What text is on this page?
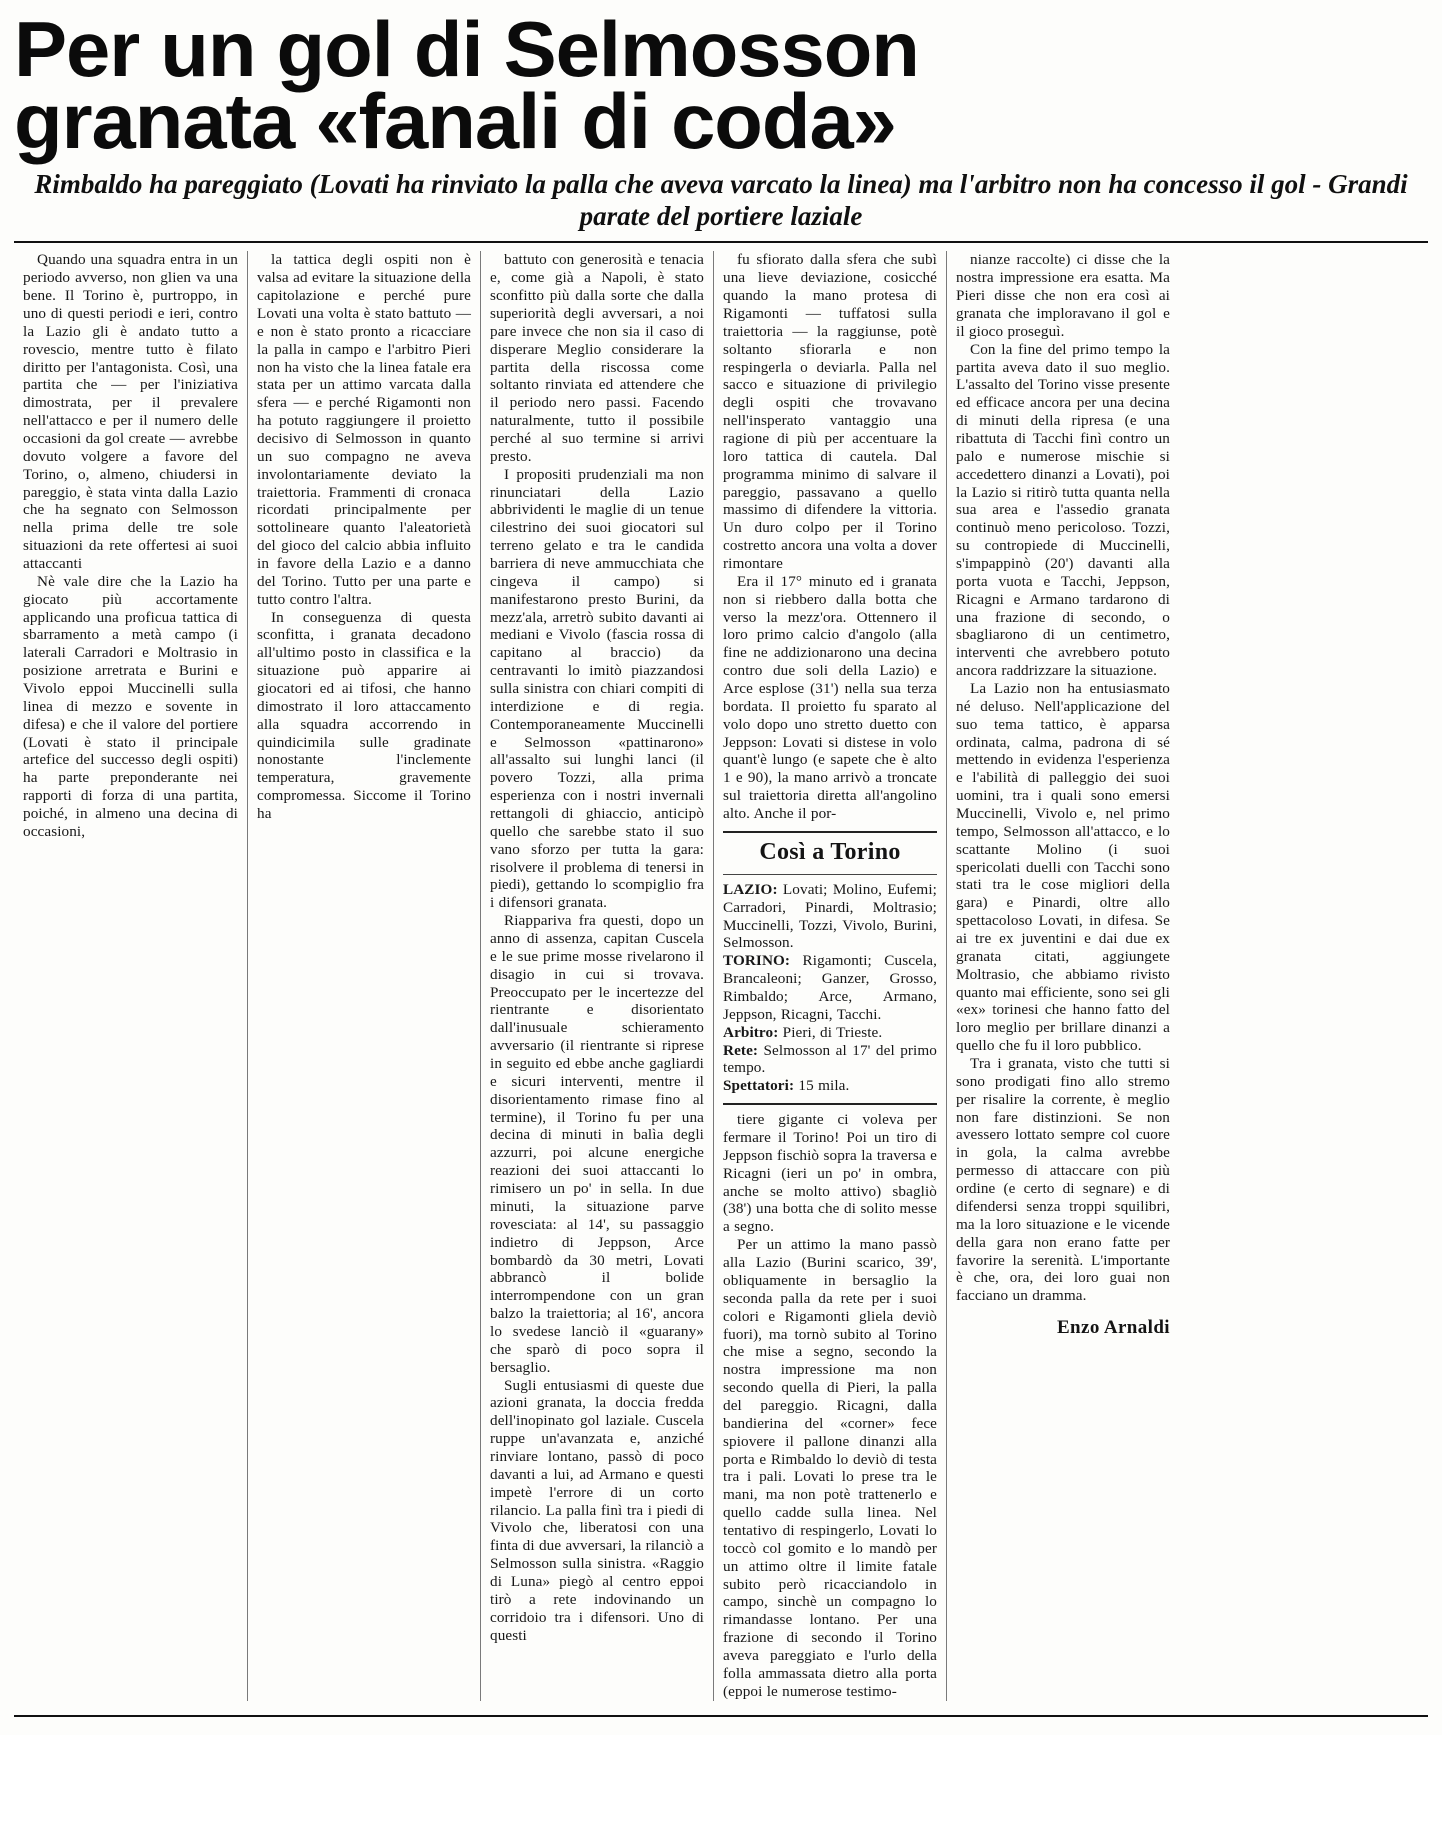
Per un gol di Selmosson
granata «fanali di coda»
Rimbaldo ha pareggiato (Lovati ha rinviato la palla che aveva varcato la linea) ma l'arbitro non ha concesso il gol - Grandi parate del portiere laziale

Quando una squadra entra in un periodo avverso, non glien va una bene. Il Torino è, purtroppo, in uno di questi periodi e ieri, contro la Lazio gli è andato tutto a rovescio, mentre tutto è filato diritto per l'antagonista. Così, una partita che — per l'iniziativa dimostrata, per il prevalere nell'attacco e per il numero delle occasioni da gol create — avrebbe dovuto volgere a favore del Torino, o, almeno, chiudersi in pareggio, è stata vinta dalla Lazio che ha segnato con Selmosson nella prima delle tre sole situazioni da rete offertesi ai suoi attaccanti

Nè vale dire che la Lazio ha giocato più accortamente applicando una proficua tattica di sbarramento a metà campo (i laterali Carradori e Moltrasio in posizione arretrata e Burini e Vivolo eppoi Muccinelli sulla linea di mezzo e sovente in difesa) e che il valore del portiere (Lovati è stato il principale artefice del successo degli ospiti) ha parte preponderante nei rapporti di forza di una partita, poiché, in almeno una decina di occasioni,

la tattica degli ospiti non è valsa ad evitare la situazione della capitolazione e perché pure Lovati una volta è stato battuto — e non è stato pronto a ricacciare la palla in campo e l'arbitro Pieri non ha visto che la linea fatale era stata per un attimo varcata dalla sfera — e perché Rigamonti non ha potuto raggiungere il proietto decisivo di Selmosson in quanto un suo compagno ne aveva involontariamente deviato la traiettoria. Frammenti di cronaca ricordati principalmente per sottolineare quanto l'aleatorietà del gioco del calcio abbia influito in favore della Lazio e a danno del Torino. Tutto per una parte e tutto contro l'altra.

In conseguenza di questa sconfitta, i granata decadono all'ultimo posto in classifica e la situazione può apparire ai giocatori ed ai tifosi, che hanno dimostrato il loro attaccamento alla squadra accorrendo in quindicimila sulle gradinate nonostante l'inclemente temperatura, gravemente compromessa. Siccome il Torino ha

battuto con generosità e tenacia e, come già a Napoli, è stato sconfitto più dalla sorte che dalla superiorità degli avversari, a noi pare invece che non sia il caso di disperare Meglio considerare la partita della riscossa come soltanto rinviata ed attendere che il periodo nero passi. Facendo naturalmente, tutto il possibile perché al suo termine si arrivi presto.

I propositi prudenziali ma non rinunciatari della Lazio abbrividenti le maglie di un tenue cilestrino dei suoi giocatori sul terreno gelato e tra le candida barriera di neve ammucchiata che cingeva il campo) si manifestarono presto Burini, da mezz'ala, arretrò subito davanti ai mediani e Vivolo (fascia rossa di capitano al braccio) da centravanti lo imitò piazzandosi sulla sinistra con chiari compiti di interdizione e di regia. Contemporaneamente Muccinelli e Selmosson «pattinarono» all'assalto sui lunghi lanci (il povero Tozzi, alla prima esperienza con i nostri invernali rettangoli di ghiaccio, anticipò quello che sarebbe stato il suo vano sforzo per tutta la gara: risolvere il problema di tenersi in piedi), gettando lo scompiglio fra i difensori granata.

Riappariva fra questi, dopo un anno di assenza, capitan Cuscela e le sue prime mosse rivelarono il disagio in cui si trovava. Preoccupato per le incertezze del rientrante e disorientato dall'inusuale schieramento avversario (il rientrante si riprese in seguito ed ebbe anche gagliardi e sicuri interventi, mentre il disorientamento rimase fino al termine), il Torino fu per una decina di minuti in balìa degli azzurri, poi alcune energiche reazioni dei suoi attaccanti lo rimisero un po' in sella. In due minuti, la situazione parve rovesciata: al 14', su passaggio indietro di Jeppson, Arce bombardò da 30 metri, Lovati abbrancò il bolide interrompendone con un gran balzo la traiettoria; al 16', ancora lo svedese lanciò il «guarany» che sparò di poco sopra il bersaglio.

Sugli entusiasmi di queste due azioni granata, la doccia fredda dell'inopinato gol laziale. Cuscela ruppe un'avanzata e, anziché rinviare lontano, passò di poco davanti a lui, ad Armano e questi impetè l'errore di un corto rilancio. La palla finì tra i piedi di Vivolo che, liberatosi con una finta di due avversari, la rilanciò a Selmosson sulla sinistra. «Raggio di Luna» piegò al centro eppoi tirò a rete indovinando un corridoio tra i difensori. Uno di questi

fu sfiorato dalla sfera che subì una lieve deviazione, cosicché quando la mano protesa di Rigamonti — tuffatosi sulla traiettoria — la raggiunse, potè soltanto sfiorarla e non respingerla o deviarla. Palla nel sacco e situazione di privilegio degli ospiti che trovavano nell'insperato vantaggio una ragione di più per accentuare la loro tattica di cautela. Dal programma minimo di salvare il pareggio, passavano a quello massimo di difendere la vittoria. Un duro colpo per il Torino costretto ancora una volta a dover rimontare

Era il 17° minuto ed i granata non si riebbero dalla botta che verso la mezz'ora. Ottennero il loro primo calcio d'angolo (alla fine ne addizionarono una decina contro due soli della Lazio) e Arce esplose (31') nella sua terza bordata. Il proietto fu sparato al volo dopo uno stretto duetto con Jeppson: Lovati si distese in volo quant'è lungo (e sapete che è alto 1 e 90), la mano arrivò a troncate sul traiettoria diretta all'angolino alto. Anche il por-

Così a Torino

LAZIO: Lovati; Molino, Eufemi; Carradori, Pinardi, Moltrasio; Muccinelli, Tozzi, Vivolo, Burini, Selmosson.

TORINO: Rigamonti; Cuscela, Brancaleoni; Ganzer, Grosso, Rimbaldo; Arce, Armano, Jeppson, Ricagni, Tacchi.

Arbitro: Pieri, di Trieste.

Rete: Selmosson al 17' del primo tempo.

Spettatori: 15 mila.

tiere gigante ci voleva per fermare il Torino! Poi un tiro di Jeppson fischiò sopra la traversa e Ricagni (ieri un po' in ombra, anche se molto attivo) sbagliò (38') una botta che di solito messe a segno.

Per un attimo la mano passò alla Lazio (Burini scarico, 39', obliquamente in bersaglio la seconda palla da rete per i suoi colori e Rigamonti gliela deviò fuori), ma tornò subito al Torino che mise a segno, secondo la nostra impressione ma non secondo quella di Pieri, la palla del pareggio. Ricagni, dalla bandierina del «corner» fece spiovere il pallone dinanzi alla porta e Rimbaldo lo deviò di testa tra i pali. Lovati lo prese tra le mani, ma non potè trattenerlo e quello cadde sulla linea. Nel tentativo di respingerlo, Lovati lo toccò col gomito e lo mandò per un attimo oltre il limite fatale subito però ricacciandolo in campo, sinchè un compagno lo rimandasse lontano. Per una frazione di secondo il Torino aveva pareggiato e l'urlo della folla ammassata dietro alla porta (eppoi le numerose testimo-

nianze raccolte) ci disse che la nostra impressione era esatta. Ma Pieri disse che non era così ai granata che imploravano il gol e il gioco proseguì.

Con la fine del primo tempo la partita aveva dato il suo meglio. L'assalto del Torino visse presente ed efficace ancora per una decina di minuti della ripresa (e una ribattuta di Tacchi finì contro un palo e numerose mischie si accedettero dinanzi a Lovati), poi la Lazio si ritirò tutta quanta nella sua area e l'assedio granata continuò meno pericoloso. Tozzi, su contropiede di Muccinelli, s'impappinò (20') davanti alla porta vuota e Tacchi, Jeppson, Ricagni e Armano tardarono di una frazione di secondo, o sbagliarono di un centimetro, interventi che avrebbero potuto ancora raddrizzare la situazione.

La Lazio non ha entusiasmato né deluso. Nell'applicazione del suo tema tattico, è apparsa ordinata, calma, padrona di sé mettendo in evidenza l'esperienza e l'abilità di palleggio dei suoi uomini, tra i quali sono emersi Muccinelli, Vivolo e, nel primo tempo, Selmosson all'attacco, e lo scattante Molino (i suoi spericolati duelli con Tacchi sono stati tra le cose migliori della gara) e Pinardi, oltre allo spettacoloso Lovati, in difesa. Se ai tre ex juventini e dai due ex granata citati, aggiungete Moltrasio, che abbiamo rivisto quanto mai efficiente, sono sei gli «ex» torinesi che hanno fatto del loro meglio per brillare dinanzi a quello che fu il loro pubblico.

Tra i granata, visto che tutti si sono prodigati fino allo stremo per risalire la corrente, è meglio non fare distinzioni. Se non avessero lottato sempre col cuore in gola, la calma avrebbe permesso di attaccare con più ordine (e certo di segnare) e di difendersi senza troppi squilibri, ma la loro situazione e le vicende della gara non erano fatte per favorire la serenità. L'importante è che, ora, dei loro guai non facciano un dramma.

Enzo Arnaldi
